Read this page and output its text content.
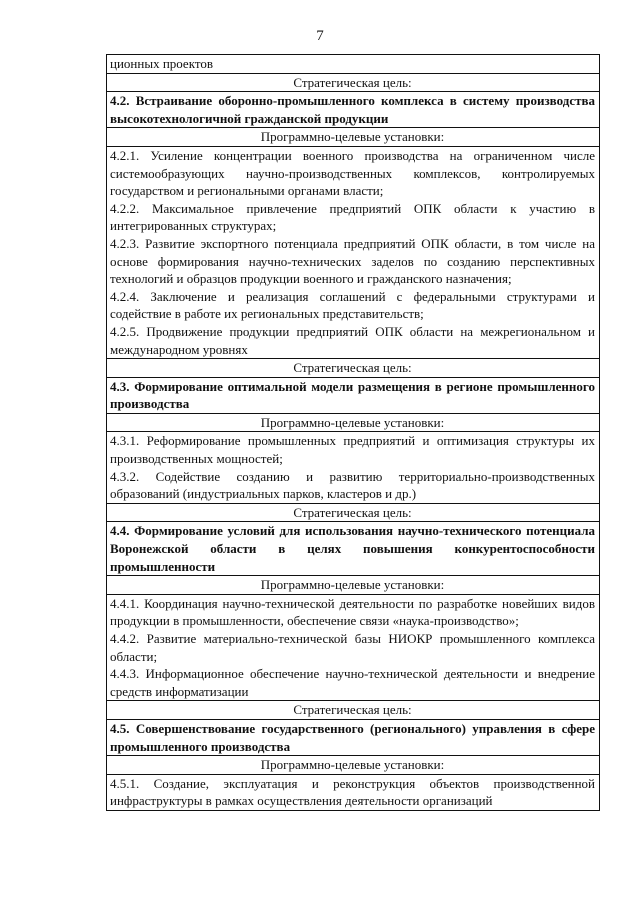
7
ционных проектов
Стратегическая цель:
4.2. Встраивание оборонно-промышленного комплекса в систему производства высокотехнологичной гражданской продукции
Программно-целевые установки:
4.2.1. Усиление концентрации военного производства на ограниченном числе системообразующих научно-производственных комплексов, контролируемых государством и региональными органами власти;
4.2.2. Максимальное привлечение предприятий ОПК области к участию в интегрированных структурах;
4.2.3. Развитие экспортного потенциала предприятий ОПК области, в том числе на основе формирования научно-технических заделов по созданию перспективных технологий и образцов продукции военного и гражданского назначения;
4.2.4. Заключение и реализация соглашений с федеральными структурами и содействие в работе их региональных представительств;
4.2.5. Продвижение продукции предприятий ОПК области на межрегиональном и международном уровнях
Стратегическая цель:
4.3. Формирование оптимальной модели размещения в регионе промышленного производства
Программно-целевые установки:
4.3.1. Реформирование промышленных предприятий и оптимизация структуры их производственных мощностей;
4.3.2. Содействие созданию и развитию территориально-производственных образований (индустриальных парков, кластеров и др.)
Стратегическая цель:
4.4. Формирование условий для использования научно-технического потенциала Воронежской области в целях повышения конкурентоспособности промышленности
Программно-целевые установки:
4.4.1. Координация научно-технической деятельности по разработке новейших видов продукции в промышленности, обеспечение связи «наука-производство»;
4.4.2. Развитие материально-технической базы НИОКР промышленного комплекса области;
4.4.3. Информационное обеспечение научно-технической деятельности и внедрение средств информатизации
Стратегическая цель:
4.5. Совершенствование государственного (регионального) управления в сфере промышленного производства
Программно-целевые установки:
4.5.1. Создание, эксплуатация и реконструкция объектов производственной инфраструктуры в рамках осуществления деятельности организаций
